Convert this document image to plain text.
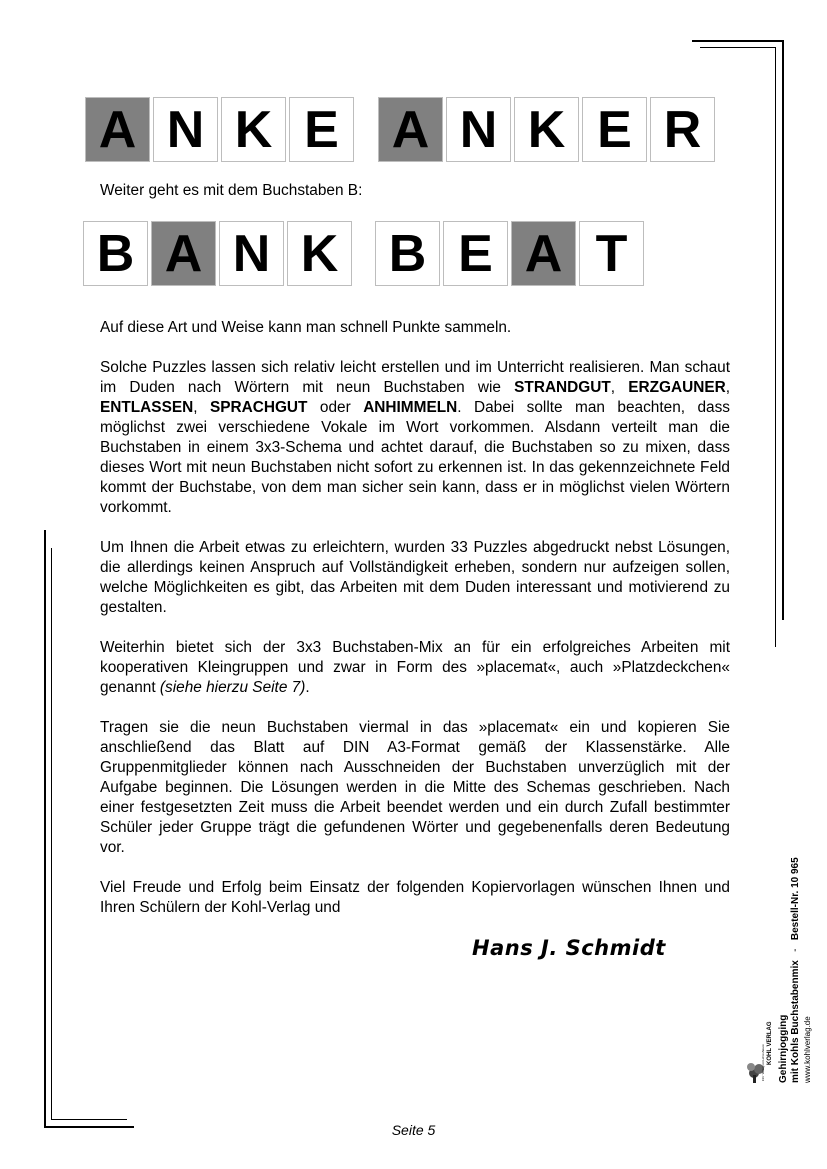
A N K E A N K E R
Weiter geht es mit dem Buchstaben B:
B A N K B E A T
Auf diese Art und Weise kann man schnell Punkte sammeln.
Solche Puzzles lassen sich relativ leicht erstellen und im Unterricht realisieren. Man schaut im Duden nach Wörtern mit neun Buchstaben wie STRANDGUT, ERZGAUNER, ENTLASSEN, SPRACHGUT oder ANHIMMELN. Dabei sollte man beachten, dass möglichst zwei verschiedene Vokale im Wort vorkommen. Alsdann verteilt man die Buchstaben in einem 3x3-Schema und achtet darauf, die Buchstaben so zu mixen, dass dieses Wort mit neun Buchstaben nicht sofort zu erkennen ist. In das gekennzeichnete Feld kommt der Buchstabe, von dem man sicher sein kann, dass er in möglichst vielen Wörtern vorkommt.
Um Ihnen die Arbeit etwas zu erleichtern, wurden 33 Puzzles abgedruckt nebst Lösungen, die allerdings keinen Anspruch auf Vollständigkeit erheben, sondern nur aufzeigen sollen, welche Möglichkeiten es gibt, das Arbeiten mit dem Duden interessant und motivierend zu gestalten.
Weiterhin bietet sich der 3x3 Buchstaben-Mix an für ein erfolgreiches Arbeiten mit kooperativen Kleingruppen und zwar in Form des »placemat«, auch »Platzdeckchen« genannt (siehe hierzu Seite 7).
Tragen sie die neun Buchstaben viermal in das »placemat« ein und kopieren Sie anschließend das Blatt auf DIN A3-Format gemäß der Klassenstärke. Alle Gruppenmitglieder können nach Ausschneiden der Buchstaben unverzüglich mit der Aufgabe beginnen. Die Lösungen werden in die Mitte des Schemas geschrieben. Nach einer festgesetzten Zeit muss die Arbeit beendet werden und ein durch Zufall bestimmter Schüler jeder Gruppe trägt die gefundenen Wörter und gegebenenfalls deren Bedeutung vor.
Viel Freude und Erfolg beim Einsatz der folgenden Kopiervorlagen wünschen Ihnen und Ihren Schülern der Kohl-Verlag und
Hans J. Schmidt
Seite 5
Gehirnjogging mit Kohls Buchstabenmix   -   Bestell-Nr. 10 965
www.kohlverlag.de
KOHL VERLAG
Der Verlag mit dem Baum
